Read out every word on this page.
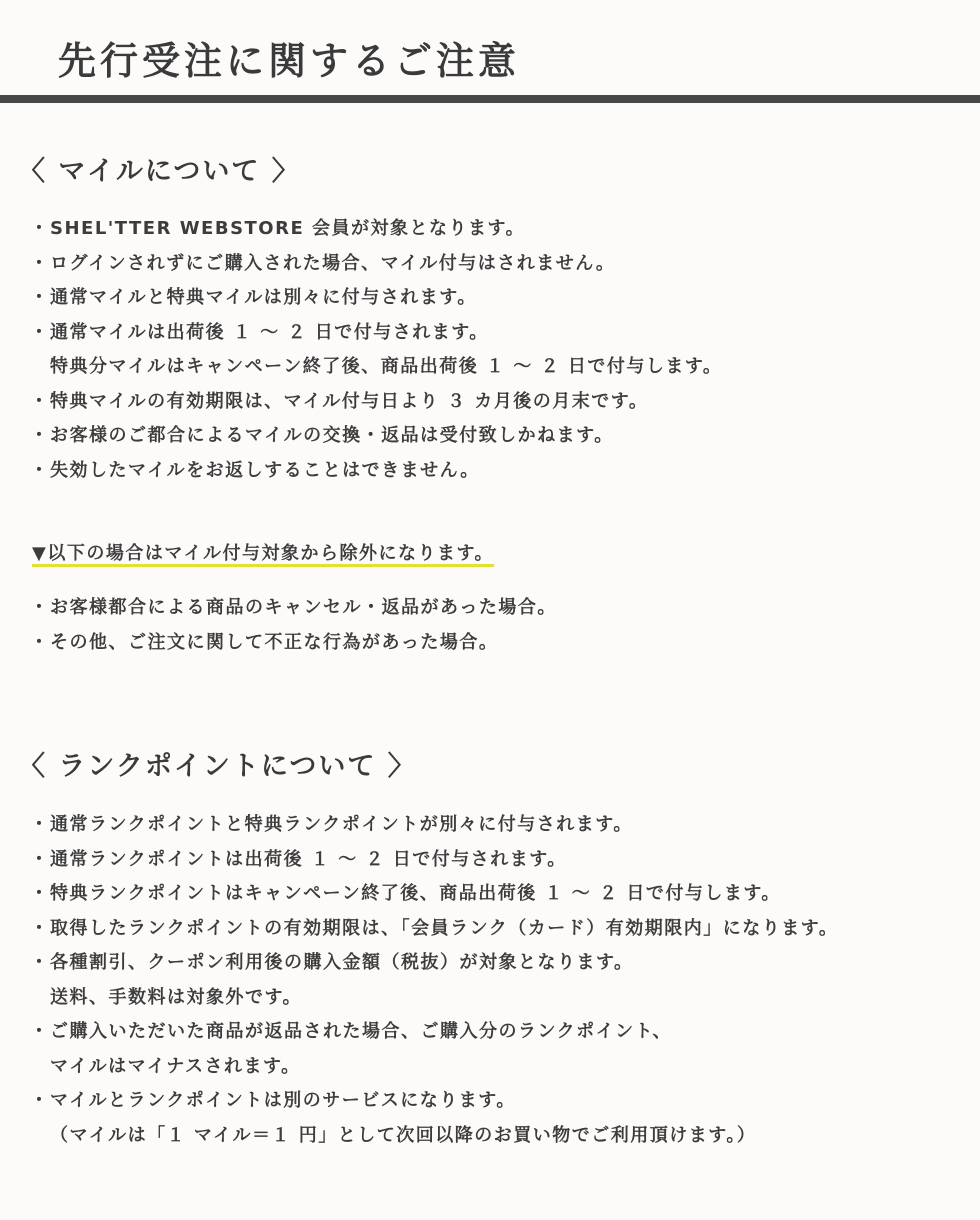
先行受注に関するご注意
〈 マイルについて 〉
・SHEL'TTER WEBSTORE 会員が対象となります。
・ログインされずにご購入された場合、マイル付与はされません。
・通常マイルと特典マイルは別々に付与されます。
・通常マイルは出荷後 １ 〜 ２ 日で付与されます。
特典分マイルはキャンペーン終了後、商品出荷後 １ 〜 ２ 日で付与します。
・特典マイルの有効期限は、マイル付与日より ３ カ月後の月末です。
・お客様のご都合によるマイルの交換・返品は受付致しかねます。
・失効したマイルをお返しすることはできません。

▼以下の場合はマイル付与対象から除外になります。

・お客様都合による商品のキャンセル・返品があった場合。
・その他、ご注文に関して不正な行為があった場合。
〈 ランクポイントについて 〉
・通常ランクポイントと特典ランクポイントが別々に付与されます。
・通常ランクポイントは出荷後 １ 〜 ２ 日で付与されます。
・特典ランクポイントはキャンペーン終了後、商品出荷後 １ 〜 ２ 日で付与します。
・取得したランクポイントの有効期限は、「会員ランク（カード）有効期限内」になります。
・各種割引、クーポン利用後の購入金額（税抜）が対象となります。
送料、手数料は対象外です。
・ご購入いただいた商品が返品された場合、ご購入分のランクポイント、
マイルはマイナスされます。
・マイルとランクポイントは別のサービスになります。
（マイルは「１ マイル＝１ 円」として次回以降のお買い物でご利用頂けます。）
